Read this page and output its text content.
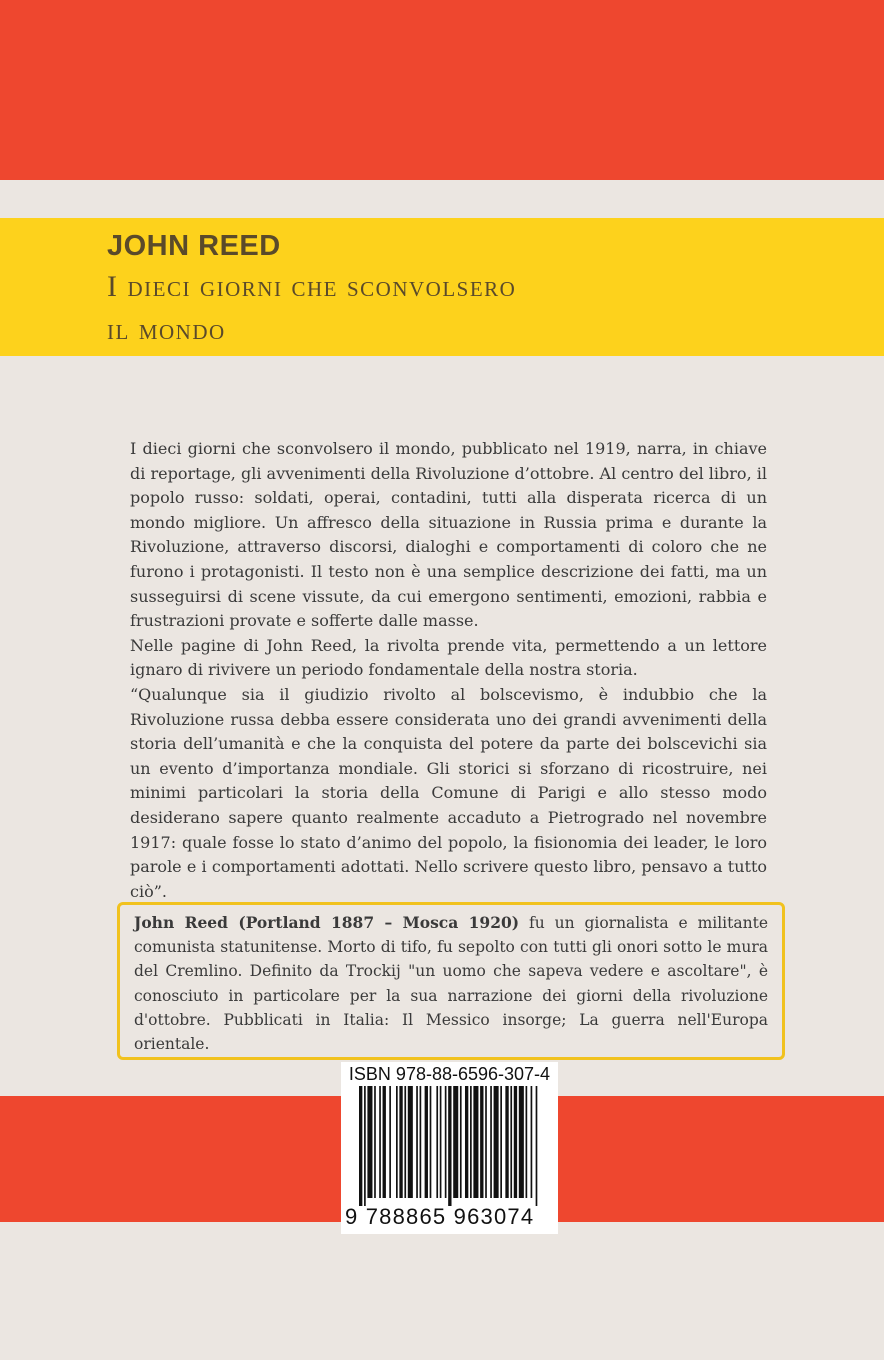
JOHN REED
I dieci giorni che sconvolsero
il mondo

I dieci giorni che sconvolsero il mondo, pubblicato nel 1919, narra, in chiave di reportage, gli avvenimenti della Rivoluzione d’ottobre. Al centro del libro, il popolo russo: soldati, operai, contadini, tutti alla disperata ricerca di un mondo migliore. Un affresco della situazione in Russia prima e durante la Rivoluzione, attraverso discorsi, dialoghi e comportamenti di coloro che ne furono i protagonisti. Il testo non è una semplice descrizione dei fatti, ma un susseguirsi di scene vissute, da cui emergono sentimenti, emozioni, rabbia e frustrazioni provate e sofferte dalle masse.

Nelle pagine di John Reed, la rivolta prende vita, permettendo a un lettore ignaro di rivivere un periodo fondamentale della nostra storia.

“Qualunque sia il giudizio rivolto al bolscevismo, è indubbio che la Rivoluzione russa debba essere considerata uno dei grandi avvenimenti della storia dell’umanità e che la conquista del potere da parte dei bolscevichi sia un evento d’importanza mondiale. Gli storici si sforzano di ricostruire, nei minimi particolari la storia della Comune di Parigi e allo stesso modo desiderano sapere quanto realmente accaduto a Pietrogrado nel novembre 1917: quale fosse lo stato d’animo del popolo, la fisionomia dei leader, le loro parole e i comportamenti adottati. Nello scrivere questo libro, pensavo a tutto ciò”.

John Reed (Portland 1887 – Mosca 1920) fu un giornalista e militante comunista statunitense. Morto di tifo, fu sepolto con tutti gli onori sotto le mura del Cremlino. Definito da Trockij "un uomo che sapeva vedere e ascoltare", è conosciuto in particolare per la sua narrazione dei giorni della rivoluzione d'ottobre. Pubblicati in Italia: Il Messico insorge; La guerra nell'Europa orientale.

ISBN 978-88-6596-307-4
9 788865 963074
